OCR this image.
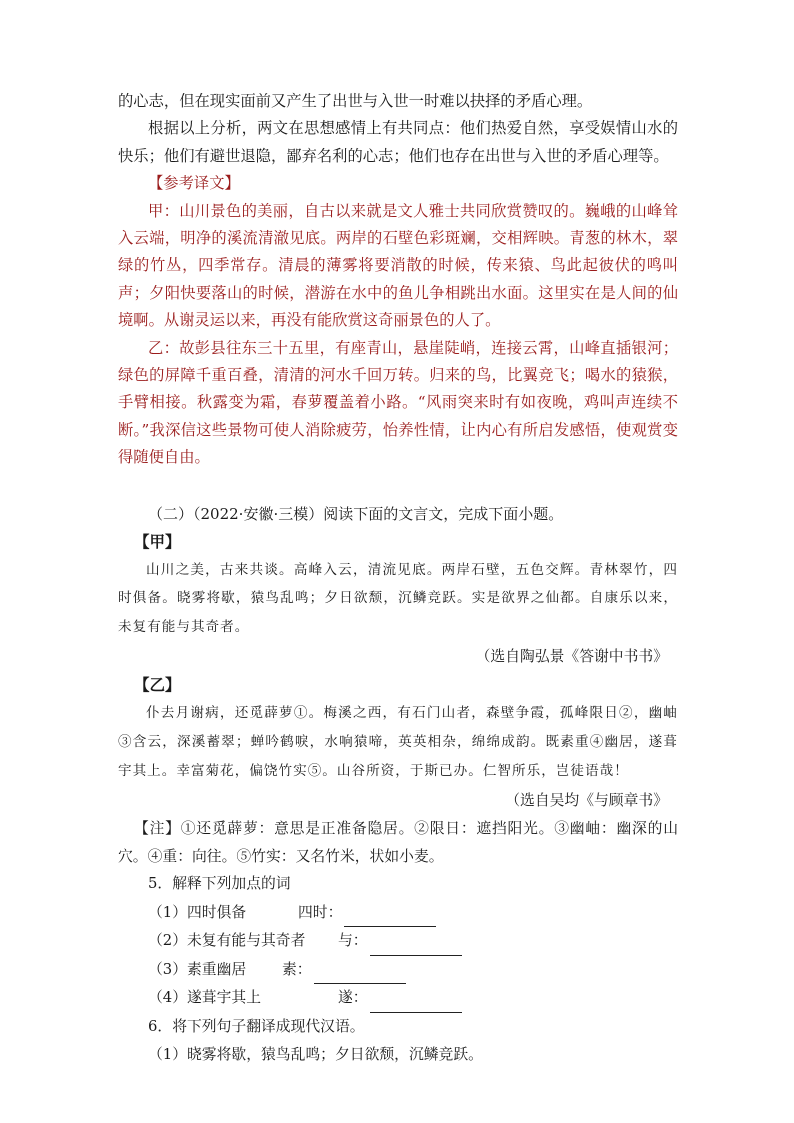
的心志，但在现实面前又产生了出世与入世一时难以抉择的矛盾心理。

根据以上分析，两文在思想感情上有共同点：他们热爱自然，享受娱情山水的快乐；他们有避世退隐，鄙弃名利的心志；他们也存在出世与入世的矛盾心理等。

【参考译文】

甲：山川景色的美丽，自古以来就是文人雅士共同欣赏赞叹的。巍峨的山峰耸入云端，明净的溪流清澈见底。两岸的石壁色彩斑斓，交相辉映。青葱的林木，翠绿的竹丛，四季常存。清晨的薄雾将要消散的时候，传来猿、鸟此起彼伏的鸣叫声；夕阳快要落山的时候，潜游在水中的鱼儿争相跳出水面。这里实在是人间的仙境啊。从谢灵运以来，再没有能欣赏这奇丽景色的人了。

乙：故彭县往东三十五里，有座青山，悬崖陡峭，连接云霄，山峰直插银河；绿色的屏障千重百叠，清清的河水千回万转。归来的鸟，比翼竞飞；喝水的猿猴，手臂相接。秋露变为霜，春萝覆盖着小路。“风雨突来时有如夜晚，鸡叫声连续不断。”我深信这些景物可使人消除疲劳，怡养性情，让内心有所启发感悟，使观赏变得随便自由。

（二）（2022·安徽·三模）阅读下面的文言文，完成下面小题。

【甲】

山川之美，古来共谈。高峰入云，清流见底。两岸石壁，五色交辉。青林翠竹，四时俱备。晓雾将歇，猿鸟乱鸣；夕日欲颓，沉鳞竞跃。实是欲界之仙都。自康乐以来，未复有能与其奇者。

（选自陶弘景《答谢中书书》

【乙】

仆去月谢病，还觅薜萝①。梅溪之西，有石门山者，森壁争霞，孤峰限日②，幽岫③含云，深溪蓄翠；蝉吟鹤唳，水响猿啼，英英相杂，绵绵成韵。既素重④幽居，遂葺宇其上。幸富菊花，偏饶竹实⑤。山谷所资，于斯已办。仁智所乐，岂徒语哉！

（选自吴均《与顾章书》

【注】①还觅薜萝：意思是正准备隐居。②限日：遮挡阳光。③幽岫：幽深的山穴。④重：向往。⑤竹实：又名竹米，状如小麦。

5．解释下列加点的词

（1）四时俱备	四时：
（2）未复有能与其奇者	与：
（3）素重幽居	素：
（4）遂葺宇其上	遂：

6．将下列句子翻译成现代汉语。

（1）晓雾将歇，猿鸟乱鸣；夕日欲颓，沉鳞竞跃。
